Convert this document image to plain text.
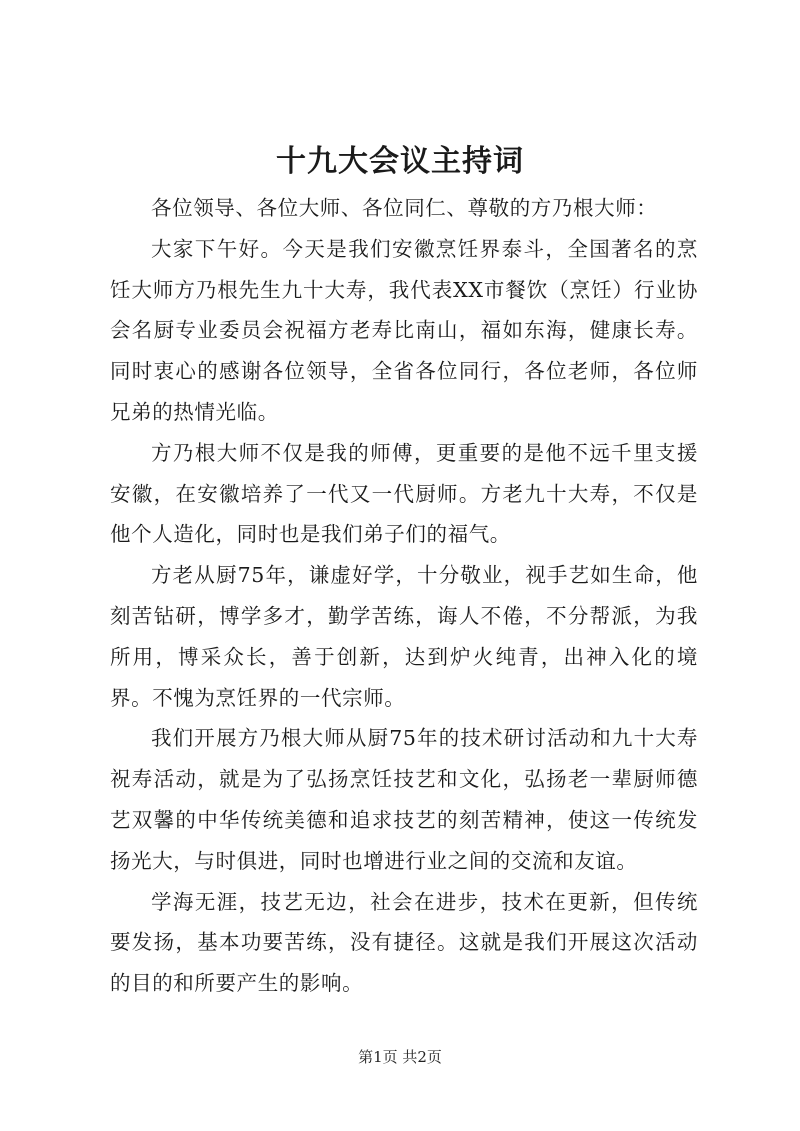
十九大会议主持词

各位领导、各位大师、各位同仁、尊敬的方乃根大师：

大家下午好。今天是我们安徽烹饪界泰斗，全国著名的烹饪大师方乃根先生九十大寿，我代表XX市餐饮（烹饪）行业协会名厨专业委员会祝福方老寿比南山，福如东海，健康长寿。同时衷心的感谢各位领导，全省各位同行，各位老师，各位师兄弟的热情光临。

方乃根大师不仅是我的师傅，更重要的是他不远千里支援安徽，在安徽培养了一代又一代厨师。方老九十大寿，不仅是他个人造化，同时也是我们弟子们的福气。

方老从厨75年，谦虚好学，十分敬业，视手艺如生命，他刻苦钻研，博学多才，勤学苦练，诲人不倦，不分帮派，为我所用，博采众长，善于创新，达到炉火纯青，出神入化的境界。不愧为烹饪界的一代宗师。

我们开展方乃根大师从厨75年的技术研讨活动和九十大寿祝寿活动，就是为了弘扬烹饪技艺和文化，弘扬老一辈厨师德艺双馨的中华传统美德和追求技艺的刻苦精神，使这一传统发扬光大，与时俱进，同时也增进行业之间的交流和友谊。

学海无涯，技艺无边，社会在进步，技术在更新，但传统要发扬，基本功要苦练，没有捷径。这就是我们开展这次活动的目的和所要产生的影响。

第1页 共2页
